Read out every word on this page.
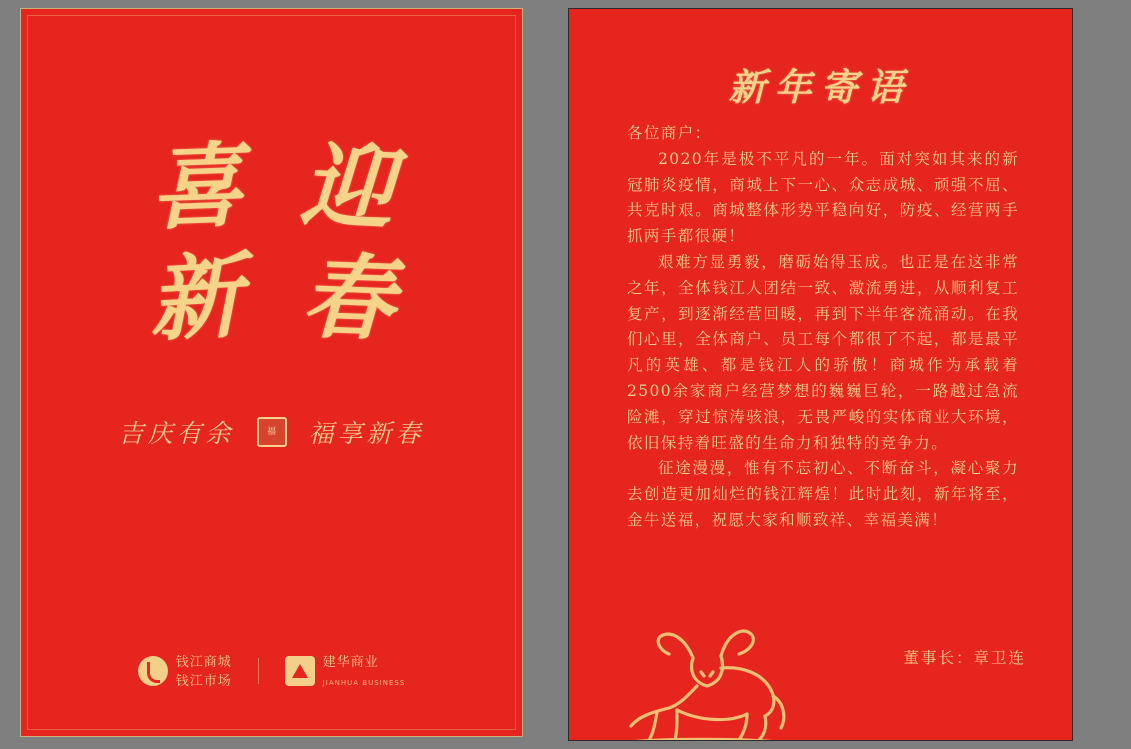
喜 迎
新 春
吉庆有余	福	福享新春
钱江商城
钱江市场
建华商业
JIANHUA BUSINESS
新年寄语

各位商户：

2020年是极不平凡的一年。面对突如其来的新冠肺炎疫情，商城上下一心、众志成城、顽强不屈、共克时艰。商城整体形势平稳向好，防疫、经营两手抓两手都很硬！

艰难方显勇毅，磨砺始得玉成。也正是在这非常之年，全体钱江人团结一致、激流勇进，从顺利复工复产，到逐渐经营回暖，再到下半年客流涌动。在我们心里，全体商户、员工每个都很了不起，都是最平凡的英雄、都是钱江人的骄傲！商城作为承载着2500余家商户经营梦想的巍巍巨轮，一路越过急流险滩，穿过惊涛骇浪，无畏严峻的实体商业大环境，依旧保持着旺盛的生命力和独特的竞争力。

征途漫漫，惟有不忘初心、不断奋斗，凝心聚力去创造更加灿烂的钱江辉煌！此时此刻，新年将至，金牛送福，祝愿大家和顺致祥、幸福美满！

董事长：章卫连
